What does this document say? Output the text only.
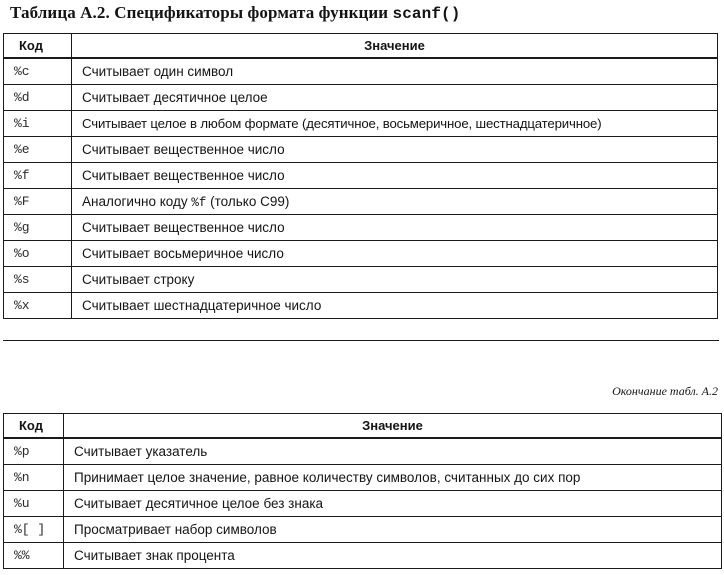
Таблица А.2. Спецификаторы формата функции scanf()
Код	Значение
%c	Считывает один символ
%d	Считывает десятичное целое
%i	Считывает целое в любом формате (десятичное, восьмеричное, шестнадцатеричное)
%e	Считывает вещественное число
%f	Считывает вещественное число
%F	Аналогично коду %f (только C99)
%g	Считывает вещественное число
%o	Считывает восьмеричное число
%s	Считывает строку
%x	Считывает шестнадцатеричное число
Окончание табл. А.2
Код	Значение
%p	Считывает указатель
%n	Принимает целое значение, равное количеству символов, считанных до сих пор
%u	Считывает десятичное целое без знака
%[ ]	Просматривает набор символов
%%	Считывает знак процента
